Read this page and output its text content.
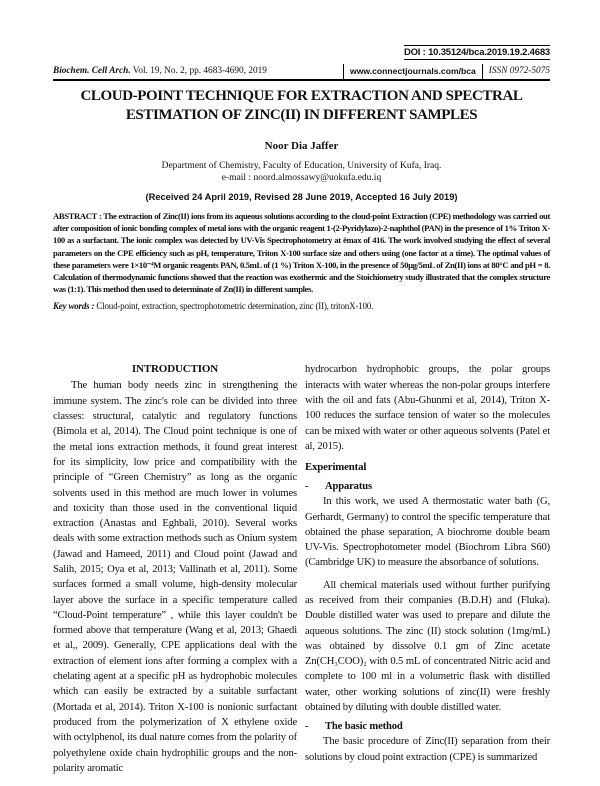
DOI : 10.35124/bca.2019.19.2.4683
Biochem. Cell Arch. Vol. 19, No. 2, pp. 4683-4690, 2019	www.connectjournals.com/bca	ISSN 0972-5075
CLOUD-POINT TECHNIQUE FOR EXTRACTION AND SPECTRAL
ESTIMATION OF ZINC(II) IN DIFFERENT SAMPLES
Noor Dia Jaffer
Department of Chemistry, Faculty of Education, University of Kufa, Iraq.
e-mail : noord.almossawy@uokufa.edu.iq
(Received 24 April 2019, Revised 28 June 2019, Accepted 16 July 2019)
ABSTRACT : The extraction of Zinc(II) ions from its aqueous solutions according to the cloud-point Extraction (CPE) methodology was carried out after composition of ionic bonding complex of metal ions with the organic reagent 1-(2-Pyridylazo)-2-naphthol (PAN) in the presence of 1% Triton X-100 as a surfactant. The ionic complex was detected by UV-Vis Spectrophotometry at ëmax of 416. The work involved studying the effect of several parameters on the CPE efficiency such as pH, temperature, Triton X-100 surface size and others using (one factor at a time). The optimal values of these parameters were 1×10⁻⁴M organic reagents PAN, 0.5mL of (1 %) Triton X-100, in the presence of 50µg/5mL of Zn(II) ions at 80°C and pH = 8. Calculation of thermodynamic functions showed that the reaction was exothermic and the Stoichiometry study illustrated that the complex structure was (1:1). This method then used to determinate of Zn(II) in different samples.
Key words : Cloud-point, extraction, spectrophotometric determination, zinc (II), tritonX-100.
INTRODUCTION

The human body needs zinc in strengthening the immune system. The zinc's role can be divided into three classes: structural, catalytic and regulatory functions (Bimola et al, 2014). The Cloud point technique is one of the metal ions extraction methods, it found great interest for its simplicity, low price and compatibility with the principle of “Green Chemistry” as long as the organic solvents used in this method are much lower in volumes and toxicity than those used in the conventional liquid extraction (Anastas and Eghbali, 2010). Several works deals with some extraction methods such as Onium system (Jawad and Hameed, 2011) and Cloud point (Jawad and Salih, 2015; Oya et al, 2013; Vallinath et al, 2011). Some surfaces formed a small volume, high-density molecular layer above the surface in a specific temperature called “Cloud-Point temperature” , while this layer couldn't be formed above that temperature (Wang et al, 2013; Ghaedi et al,, 2009). Generally, CPE applications deal with the extraction of element ions after forming a complex with a chelating agent at a specific pH as hydrophobic molecules which can easily be extracted by a suitable surfactant (Mortada et al, 2014). Triton X-100 is nonionic surfactant produced from the polymerization of X ethylene oxide with octylphenol, its dual nature comes from the polarity of polyethylene oxide chain hydrophilic groups and the non-polarity aromatic

hydrocarbon hydrophobic groups, the polar groups interacts with water whereas the non-polar groups interfere with the oil and fats (Abu-Ghunmi et al, 2014), Triton X-100 reduces the surface tension of water so the molecules can be mixed with water or other aqueous solvents (Patel et al, 2015).

Experimental
- Apparatus

In this work, we used A thermostatic water bath (G, Gerhardt, Germany) to control the specific temperature that obtained the phase separation, A biochrome double beam UV-Vis. Spectrophotometer model (Biochrom Libra S60) (Cambridge UK) to measure the absorbance of solutions.

All chemical materials used without further purifying as received from their companies (B.D.H) and (Fluka). Double distilled water was used to prepare and dilute the aqueous solutions. The zinc (II) stock solution (1mg/mL) was obtained by dissolve 0.1 gm of Zinc acetate Zn(CH₃COO)₂ with 0.5 mL of concentrated Nitric acid and complete to 100 ml in a volumetric flask with distilled water, other working solutions of zinc(II) were freshly obtained by diluting with double distilled water.

- The basic method

The basic procedure of Zinc(II) separation from their solutions by cloud point extraction (CPE) is summarized
